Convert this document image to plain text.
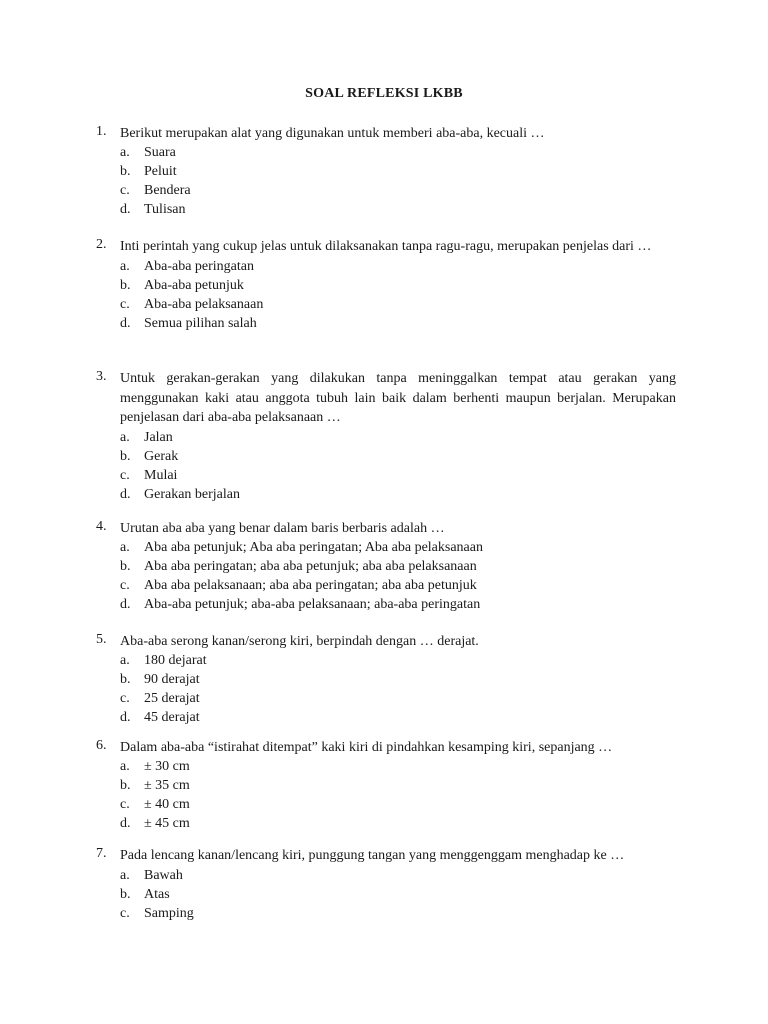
SOAL REFLEKSI LKBB
1. Berikut merupakan alat yang digunakan untuk memberi aba-aba, kecuali …
a.	Suara
b. Peluit
c.	Bendera
d. Tulisan
2. Inti perintah yang cukup jelas untuk dilaksanakan tanpa ragu-ragu, merupakan penjelas dari …
a.	Aba-aba peringatan
b. Aba-aba petunjuk
c.	Aba-aba pelaksanaan
d. Semua pilihan salah
3. Untuk gerakan-gerakan yang dilakukan tanpa meninggalkan tempat atau gerakan yang menggunakan kaki atau anggota tubuh lain baik dalam berhenti maupun berjalan. Merupakan penjelasan dari aba-aba pelaksanaan …
a.	Jalan
b. Gerak
c.	Mulai
d. Gerakan berjalan
4. Urutan aba aba yang benar dalam baris berbaris adalah …
a.	Aba aba petunjuk; Aba aba peringatan; Aba aba pelaksanaan
b. Aba aba peringatan; aba aba petunjuk; aba aba pelaksanaan
c.	Aba aba pelaksanaan; aba aba peringatan; aba aba petunjuk
d. Aba-aba petunjuk; aba-aba pelaksanaan; aba-aba peringatan
5. Aba-aba serong kanan/serong kiri, berpindah dengan … derajat.
a.	180 dejarat
b. 90 derajat
c.	25 derajat
d. 45 derajat
6. Dalam aba-aba “istirahat ditempat” kaki kiri di pindahkan kesamping kiri, sepanjang …
a.	± 30 cm
b. ± 35 cm
c.	± 40 cm
d. ± 45 cm
7. Pada lencang kanan/lencang kiri, punggung tangan yang menggenggam menghadap ke …
a.	Bawah
b. Atas
c.	Samping
